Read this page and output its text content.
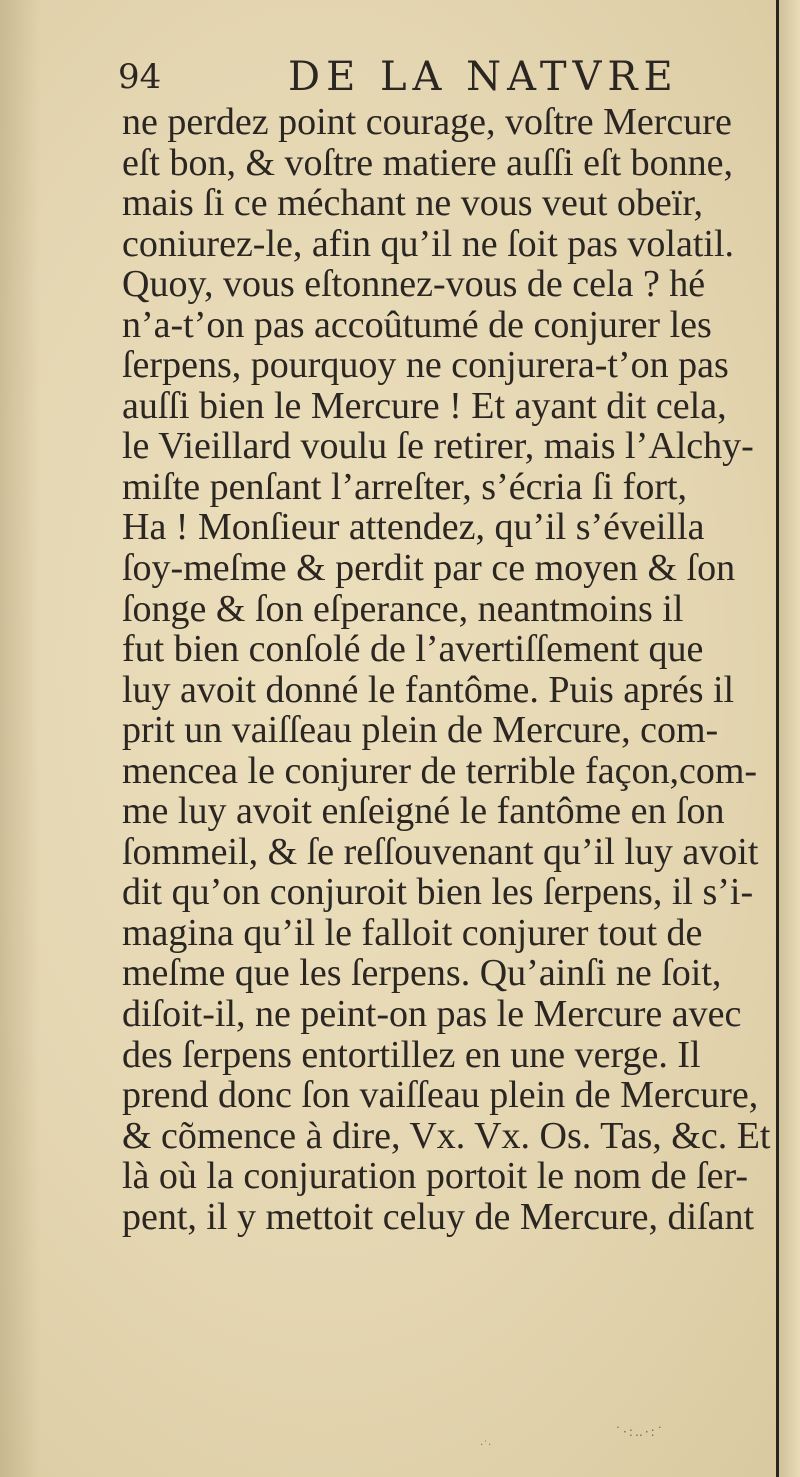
94	DE LA NATVRE
ne perdez point courage, voſtre Mercure
eſt bon, & voſtre matiere auſſi eſt bonne,
mais ſi ce méchant ne vous veut obeïr,
coniurez-le, afin qu’il ne ſoit pas volatil.
Quoy, vous eſtonnez-vous de cela ? hé
n’a-t’on pas accoûtumé de conjurer les
ſerpens, pourquoy ne conjurera-t’on pas
auſſi bien le Mercure ! Et ayant dit cela,
le Vieillard voulu ſe retirer, mais l’Alchy-
miſte penſant l’arreſter, s’écria ſi fort,
Ha ! Monſieur attendez, qu’il s’éveilla
ſoy-meſme & perdit par ce moyen & ſon
ſonge & ſon eſperance, neantmoins il
fut bien conſolé de l’avertiſſement que
luy avoit donné le fantôme. Puis aprés il
prit un vaiſſeau plein de Mercure, com-
mencea le conjurer de terrible façon,com-
me luy avoit enſeigné le fantôme en ſon
ſommeil, & ſe reſſouvenant qu’il luy avoit
dit qu’on conjuroit bien les ſerpens, il s’i-
magina qu’il le falloit conjurer tout de
meſme que les ſerpens. Qu’ainſi ne ſoit,
diſoit-il, ne peint-on pas le Mercure avec
des ſerpens entortillez en une verge. Il
prend donc ſon vaiſſeau plein de Mercure,
& cõmence à dire, Vx. Vx. Os. Tas, &c. Et
là où la conjuration portoit le nom de ſer-
pent, il y mettoit celuy de Mercure, diſant
˙·:‥·:˙
·˙·
